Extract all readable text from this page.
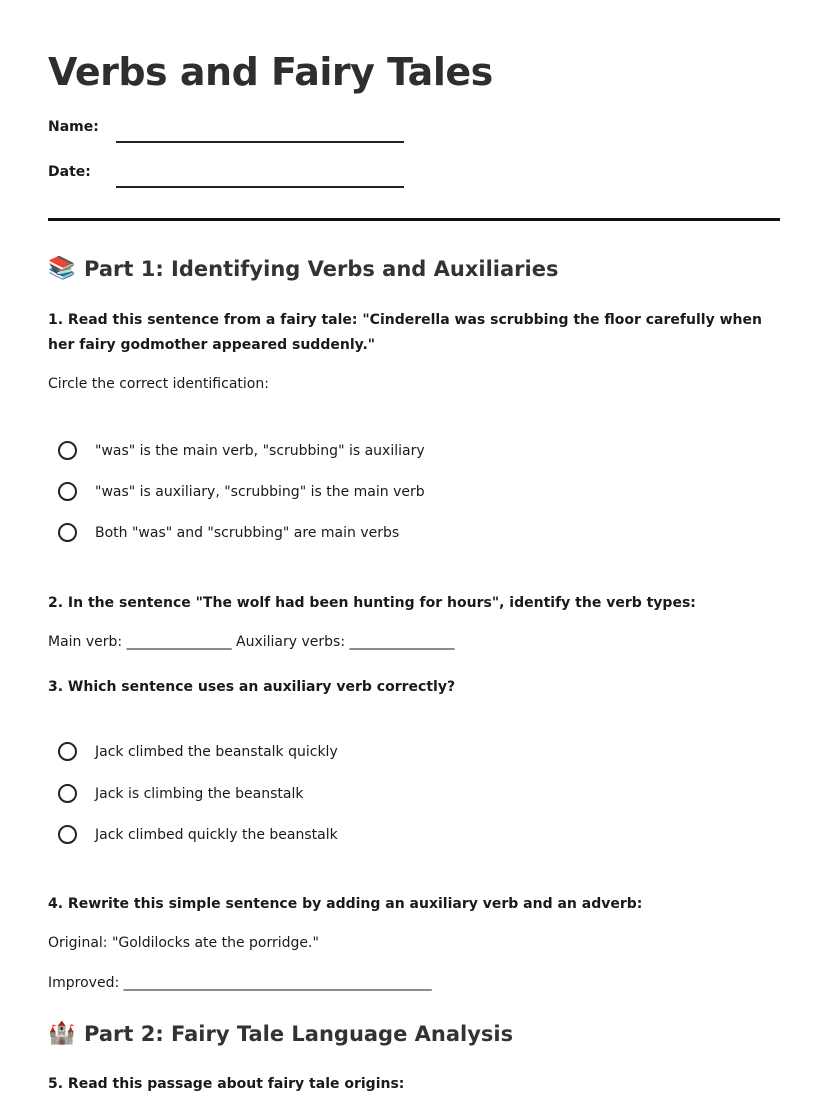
Verbs and Fairy Tales
Name:
Date:
📚 Part 1: Identifying Verbs and Auxiliaries
1. Read this sentence from a fairy tale: "Cinderella was scrubbing the floor carefully when her fairy godmother appeared suddenly."
Circle the correct identification:
"was" is the main verb, "scrubbing" is auxiliary
"was" is auxiliary, "scrubbing" is the main verb
Both "was" and "scrubbing" are main verbs
2. In the sentence "The wolf had been hunting for hours", identify the verb types:
Main verb: _______________ Auxiliary verbs: _______________
3. Which sentence uses an auxiliary verb correctly?
Jack climbed the beanstalk quickly
Jack is climbing the beanstalk
Jack climbed quickly the beanstalk
4. Rewrite this simple sentence by adding an auxiliary verb and an adverb:
Original: "Goldilocks ate the porridge."
Improved: ____________________________________________
🏰 Part 2: Fairy Tale Language Analysis
5. Read this passage about fairy tale origins:
